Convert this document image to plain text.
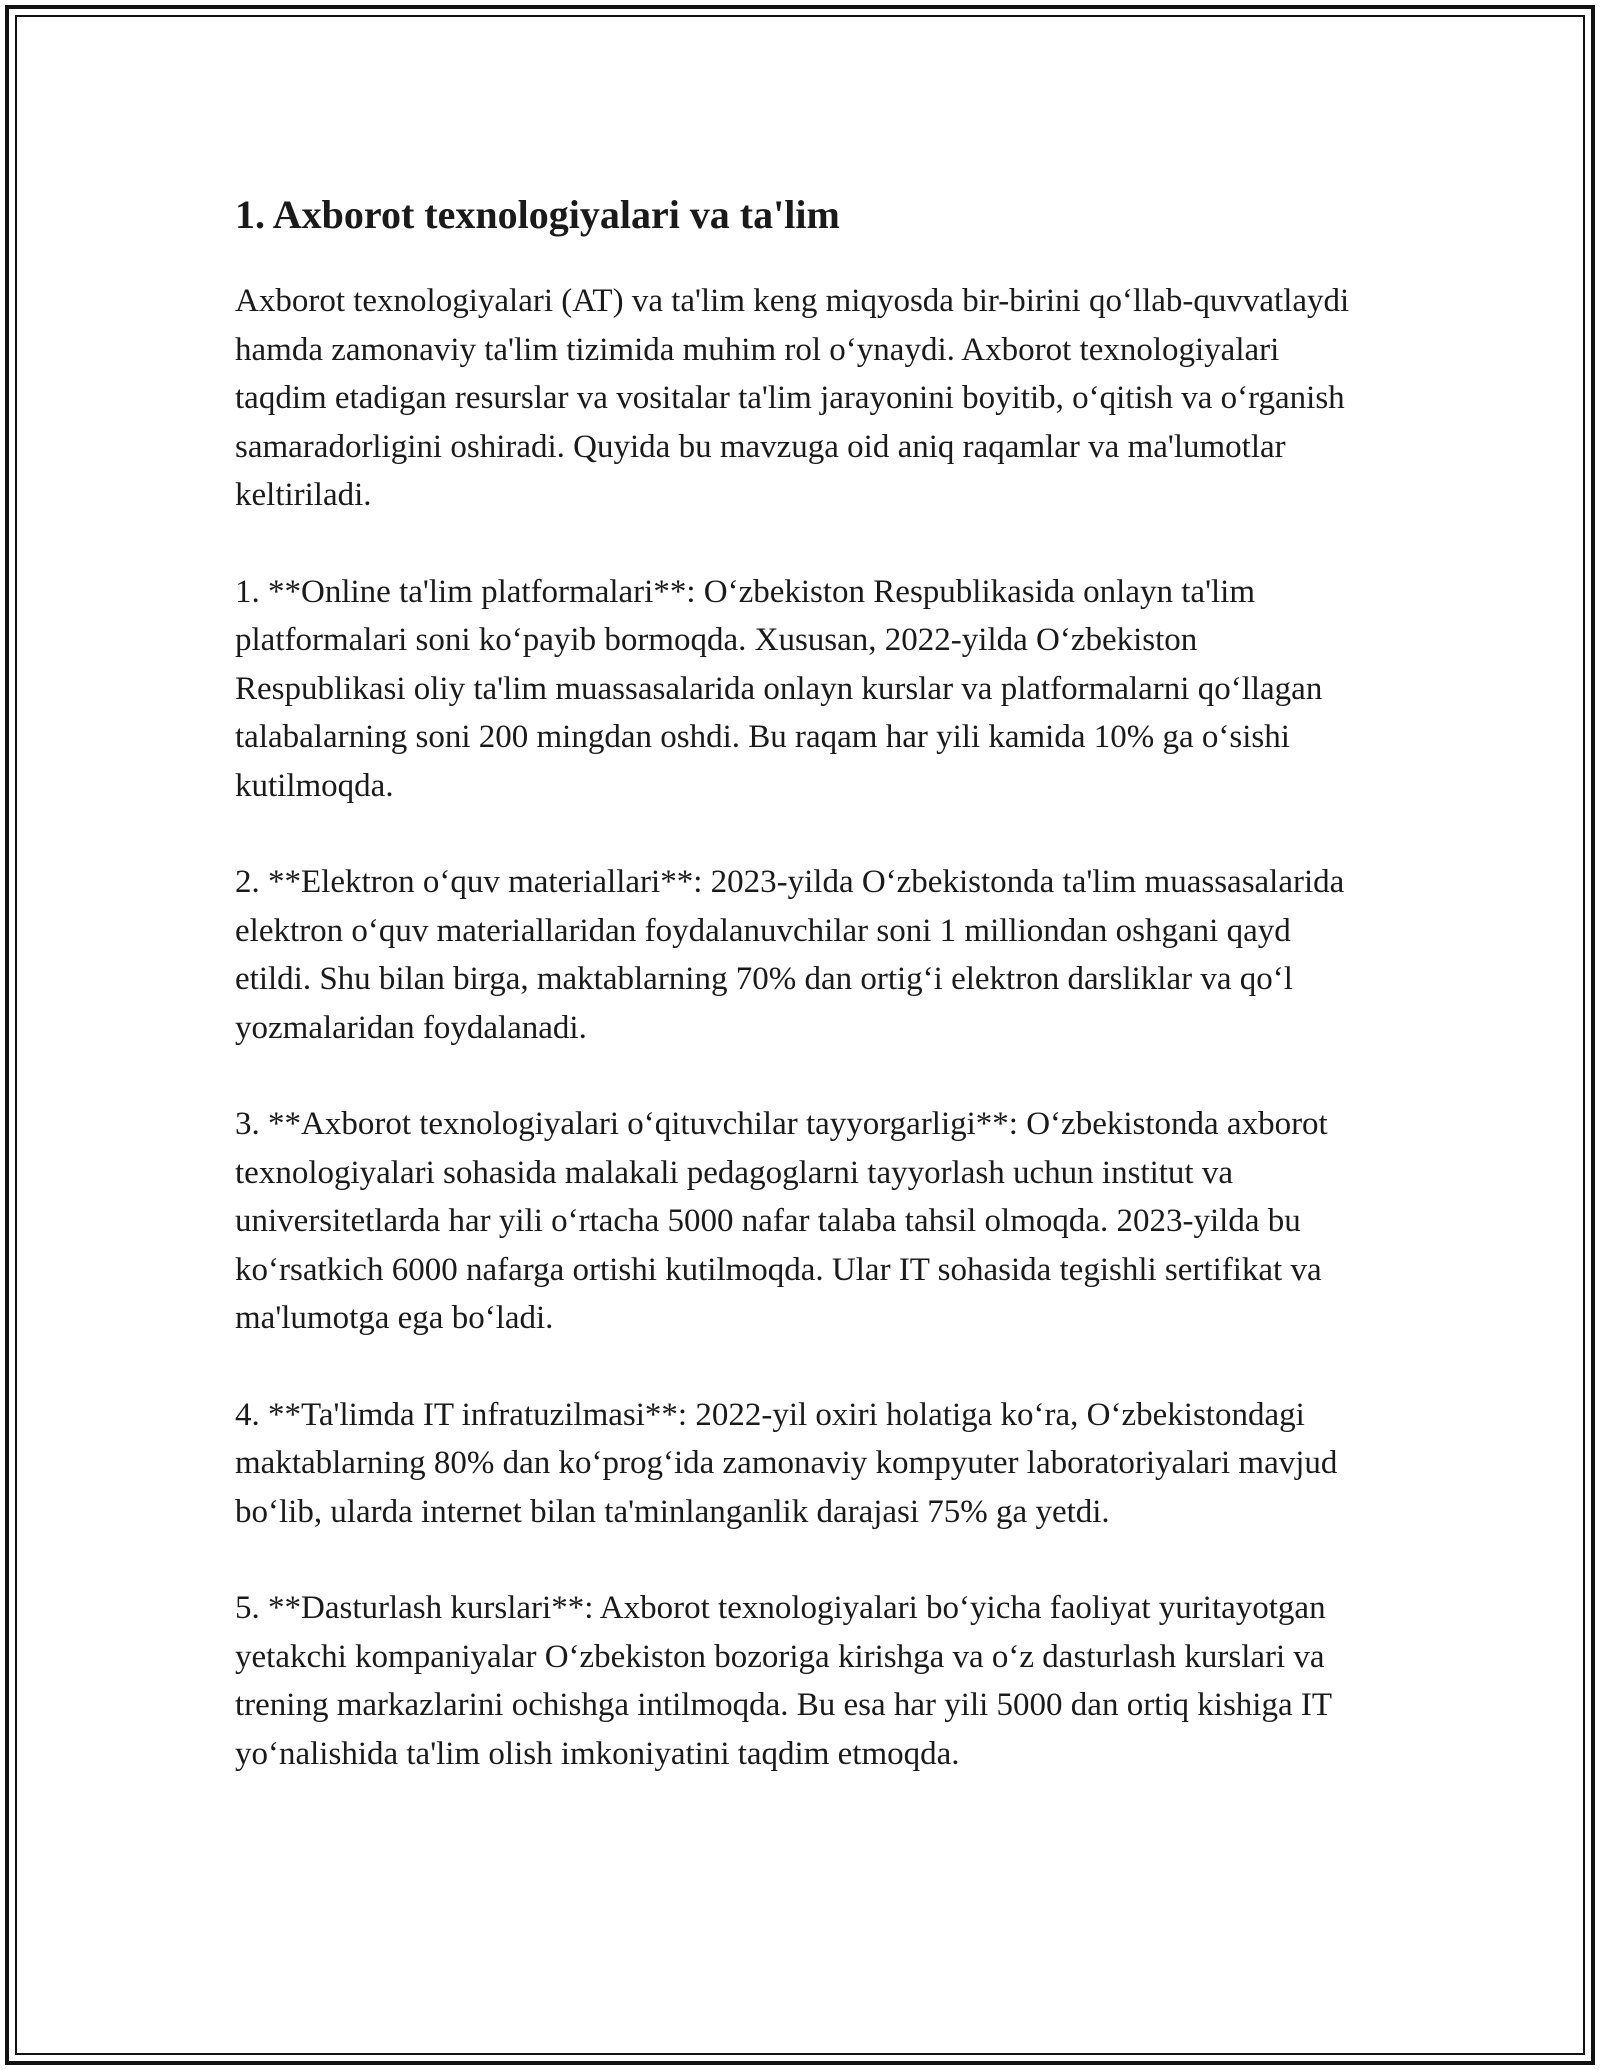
1. Axborot texnologiyalari va ta'lim

Axborot texnologiyalari (AT) va ta'lim keng miqyosda bir-birini qo‘llab-quvvatlaydi hamda zamonaviy ta'lim tizimida muhim rol o‘ynaydi. Axborot texnologiyalari taqdim etadigan resurslar va vositalar ta'lim jarayonini boyitib, o‘qitish va o‘rganish samaradorligini oshiradi. Quyida bu mavzuga oid aniq raqamlar va ma'lumotlar keltiriladi.

1. **Online ta'lim platformalari**: O‘zbekiston Respublikasida onlayn ta'lim platformalari soni ko‘payib bormoqda. Xususan, 2022-yilda O‘zbekiston Respublikasi oliy ta'lim muassasalarida onlayn kurslar va platformalarni qo‘llagan talabalarning soni 200 mingdan oshdi. Bu raqam har yili kamida 10% ga o‘sishi kutilmoqda.

2. **Elektron o‘quv materiallari**: 2023-yilda O‘zbekistonda ta'lim muassasalarida elektron o‘quv materiallaridan foydalanuvchilar soni 1 milliondan oshgani qayd etildi. Shu bilan birga, maktablarning 70% dan ortig‘i elektron darsliklar va qo‘l yozmalaridan foydalanadi.

3. **Axborot texnologiyalari o‘qituvchilar tayyorgarligi**: O‘zbekistonda axborot texnologiyalari sohasida malakali pedagoglarni tayyorlash uchun institut va universitetlarda har yili o‘rtacha 5000 nafar talaba tahsil olmoqda. 2023-yilda bu ko‘rsatkich 6000 nafarga ortishi kutilmoqda. Ular IT sohasida tegishli sertifikat va ma'lumotga ega bo‘ladi.

4. **Ta'limda IT infratuzilmasi**: 2022-yil oxiri holatiga ko‘ra, O‘zbekistondagi maktablarning 80% dan ko‘prog‘ida zamonaviy kompyuter laboratoriyalari mavjud bo‘lib, ularda internet bilan ta'minlanganlik darajasi 75% ga yetdi.

5. **Dasturlash kurslari**: Axborot texnologiyalari bo‘yicha faoliyat yuritayotgan yetakchi kompaniyalar O‘zbekiston bozoriga kirishga va o‘z dasturlash kurslari va trening markazlarini ochishga intilmoqda. Bu esa har yili 5000 dan ortiq kishiga IT yo‘nalishida ta'lim olish imkoniyatini taqdim etmoqda.
